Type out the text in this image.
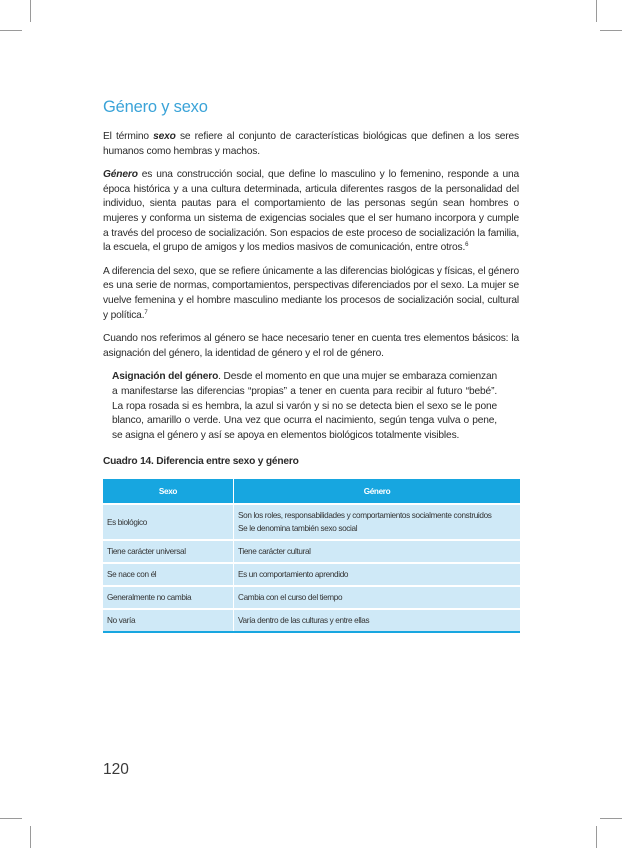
Género y sexo

El término sexo se refiere al conjunto de características biológicas que definen a los seres humanos como hembras y machos.

Género es una construcción social, que define lo masculino y lo femenino, responde a una época histórica y a una cultura determinada, articula diferentes rasgos de la personalidad del individuo, sienta pautas para el comportamiento de las personas según sean hombres o mujeres y conforma un sistema de exigencias sociales que el ser humano incorpora y cumple a través del proceso de socialización. Son espacios de este proceso de socialización la familia, la escuela, el grupo de amigos y los medios masivos de comunicación, entre otros.$^6$

A diferencia del sexo, que se refiere únicamente a las diferencias biológicas y físicas, el género es una serie de normas, comportamientos, perspectivas diferenciados por el sexo. La mujer se vuelve femenina y el hombre masculino mediante los procesos de socialización social, cultural y política.$^7$

Cuando nos referimos al género se hace necesario tener en cuenta tres elementos básicos: la asignación del género, la identidad de género y el rol de género.

Asignación del género. Desde el momento en que una mujer se embaraza comienzan a manifestarse las diferencias “propias” a tener en cuenta para recibir al futuro “bebé”. La ropa rosada si es hembra, la azul si varón y si no se detecta bien el sexo se le pone blanco, amarillo o verde. Una vez que ocurra el nacimiento, según tenga vulva o pene, se asigna el género y así se apoya en elementos biológicos totalmente visibles.

Cuadro 14. Diferencia entre sexo y género
Sexo	Género
Es biológico	Son los roles, responsabilidades y comportamientos socialmente construidos
Se le denomina también sexo social

Tiene carácter universal	Tiene carácter cultural
Se nace con él	Es un comportamiento aprendido
Generalmente no cambia	Cambia con el curso del tiempo
No varía	Varía dentro de las culturas y entre ellas
120
